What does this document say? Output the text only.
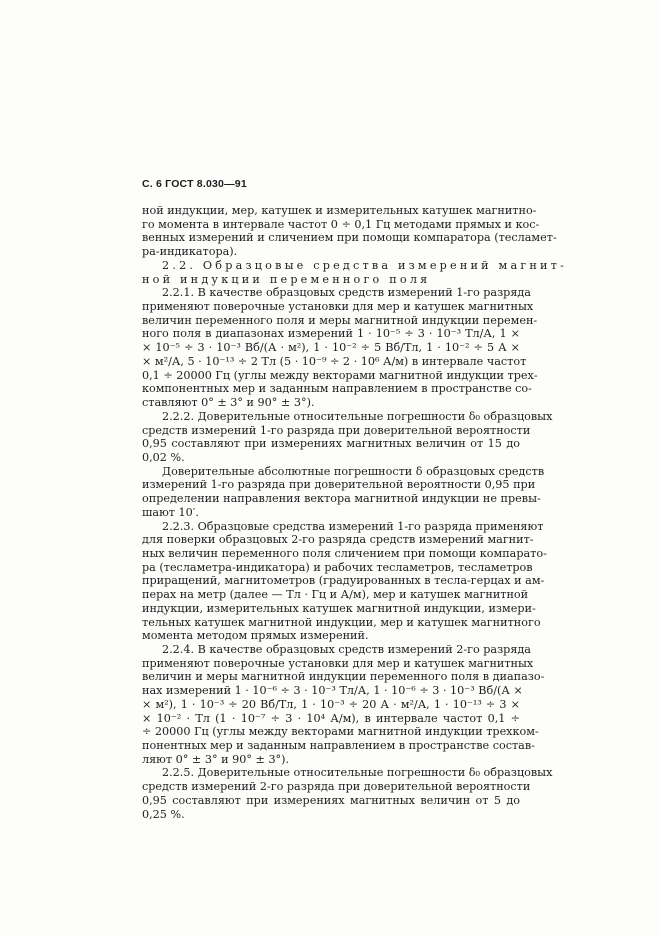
С. 6 ГОСТ 8.030—91
ной индукции, мер, катушек и измерительных катушек магнитно-
го момента в интервале частот 0 ÷ 0,1 Гц методами прямых и кос-
венных измерений и сличением при помощи компаратора (тесламет-
ра-индикатора).
2.2. Образцовые средства измерений магнит-
ной индукции переменного поля
2.2.1. В качестве образцовых средств измерений 1-го разряда
применяют поверочные установки для мер и катушек магнитных
величин переменного поля и меры магнитной индукции перемен-
ного поля в диапазонах измерений 1 · 10⁻⁵ ÷ 3 · 10⁻³ Тл/А, 1 ×
× 10⁻⁵ ÷ 3 · 10⁻³ Вб/(А · м²), 1 · 10⁻² ÷ 5 Вб/Тл, 1 · 10⁻² ÷ 5 А ×
× м²/А, 5 · 10⁻¹³ ÷ 2 Тл (5 · 10⁻⁹ ÷ 2 · 10⁶ А/м) в интервале частот
0,1 ÷ 20000 Гц (углы между векторами магнитной индукции трех-
компонентных мер и заданным направлением в пространстве со-
ставляют 0° ± 3° и 90° ± 3°).
2.2.2. Доверительные относительные погрешности δ₀ образцовых
средств измерений 1-го разряда при доверительной вероятности
0,95 составляют при измерениях магнитных величин от 15 до
0,02 %.
Доверительные абсолютные погрешности δ образцовых средств
измерений 1-го разряда при доверительной вероятности 0,95 при
определении направления вектора магнитной индукции не превы-
шают 10′.
2.2.3. Образцовые средства измерений 1-го разряда применяют
для поверки образцовых 2-го разряда средств измерений магнит-
ных величин переменного поля сличением при помощи компарато-
ра (тесламетра-индикатора) и рабочих тесламетров, тесламетров
приращений, магнитометров (градуированных в тесла-герцах и ам-
перах на метр (далее — Тл · Гц и А/м), мер и катушек магнитной
индукции, измерительных катушек магнитной индукции, измери-
тельных катушек магнитной индукции, мер и катушек магнитного
момента методом прямых измерений.
2.2.4. В качестве образцовых средств измерений 2-го разряда
применяют поверочные установки для мер и катушек магнитных
величин и меры магнитной индукции переменного поля в диапазо-
нах измерений 1 · 10⁻⁶ ÷ 3 · 10⁻³ Тл/А, 1 · 10⁻⁶ ÷ 3 · 10⁻³ Вб/(А ×
× м²), 1 · 10⁻³ ÷ 20 Вб/Тл, 1 · 10⁻³ ÷ 20 А · м²/А, 1 · 10⁻¹³ ÷ 3 ×
× 10⁻² · Тл (1 · 10⁻⁷ ÷ 3 · 10⁴ А/м), в интервале частот 0,1 ÷
÷ 20000 Гц (углы между векторами магнитной индукции трехком-
понентных мер и заданным направлением в пространстве состав-
ляют 0° ± 3° и 90° ± 3°).
2.2.5. Доверительные относительные погрешности δ₀ образцовых
средств измерений 2-го разряда при доверительной вероятности
0,95 составляют при измерениях магнитных величин от 5 до
0,25 %.
